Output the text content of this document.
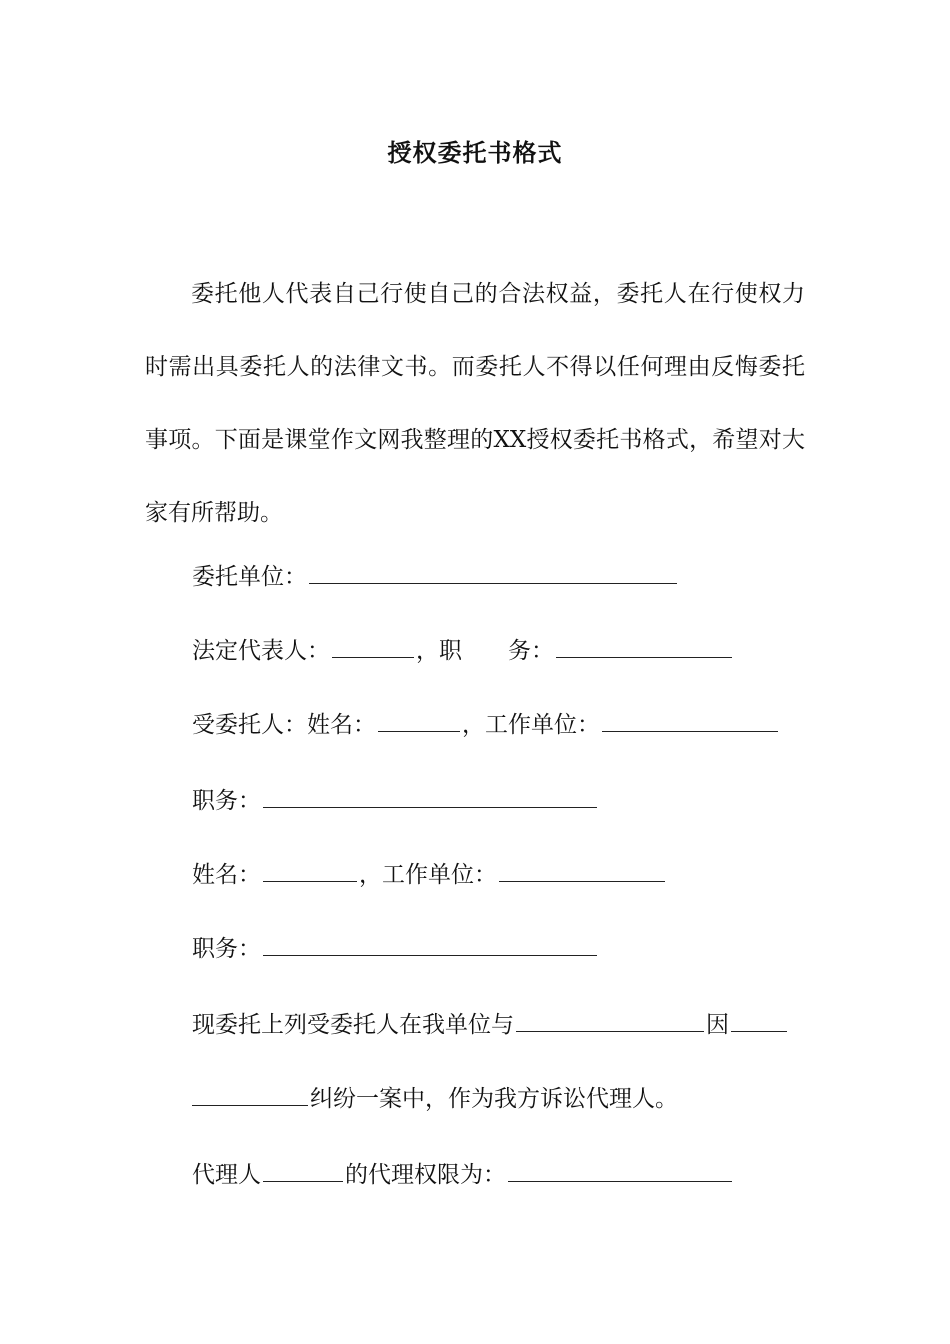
授权委托书格式

委托他人代表自己行使自己的合法权益，委托人在行使权力时需出具委托人的法律文书。而委托人不得以任何理由反悔委托事项。下面是课堂作文网我整理的XX授权委托书格式，希望对大家有所帮助。

委托单位：
法定代表人：	，职 务：
受委托人：姓名：	，工作单位：
职务：
姓名：	，工作单位：
职务：
现委托上列受委托人在我单位与	因
纠纷一案中，作为我方诉讼代理人。
代理人	的代理权限为：
